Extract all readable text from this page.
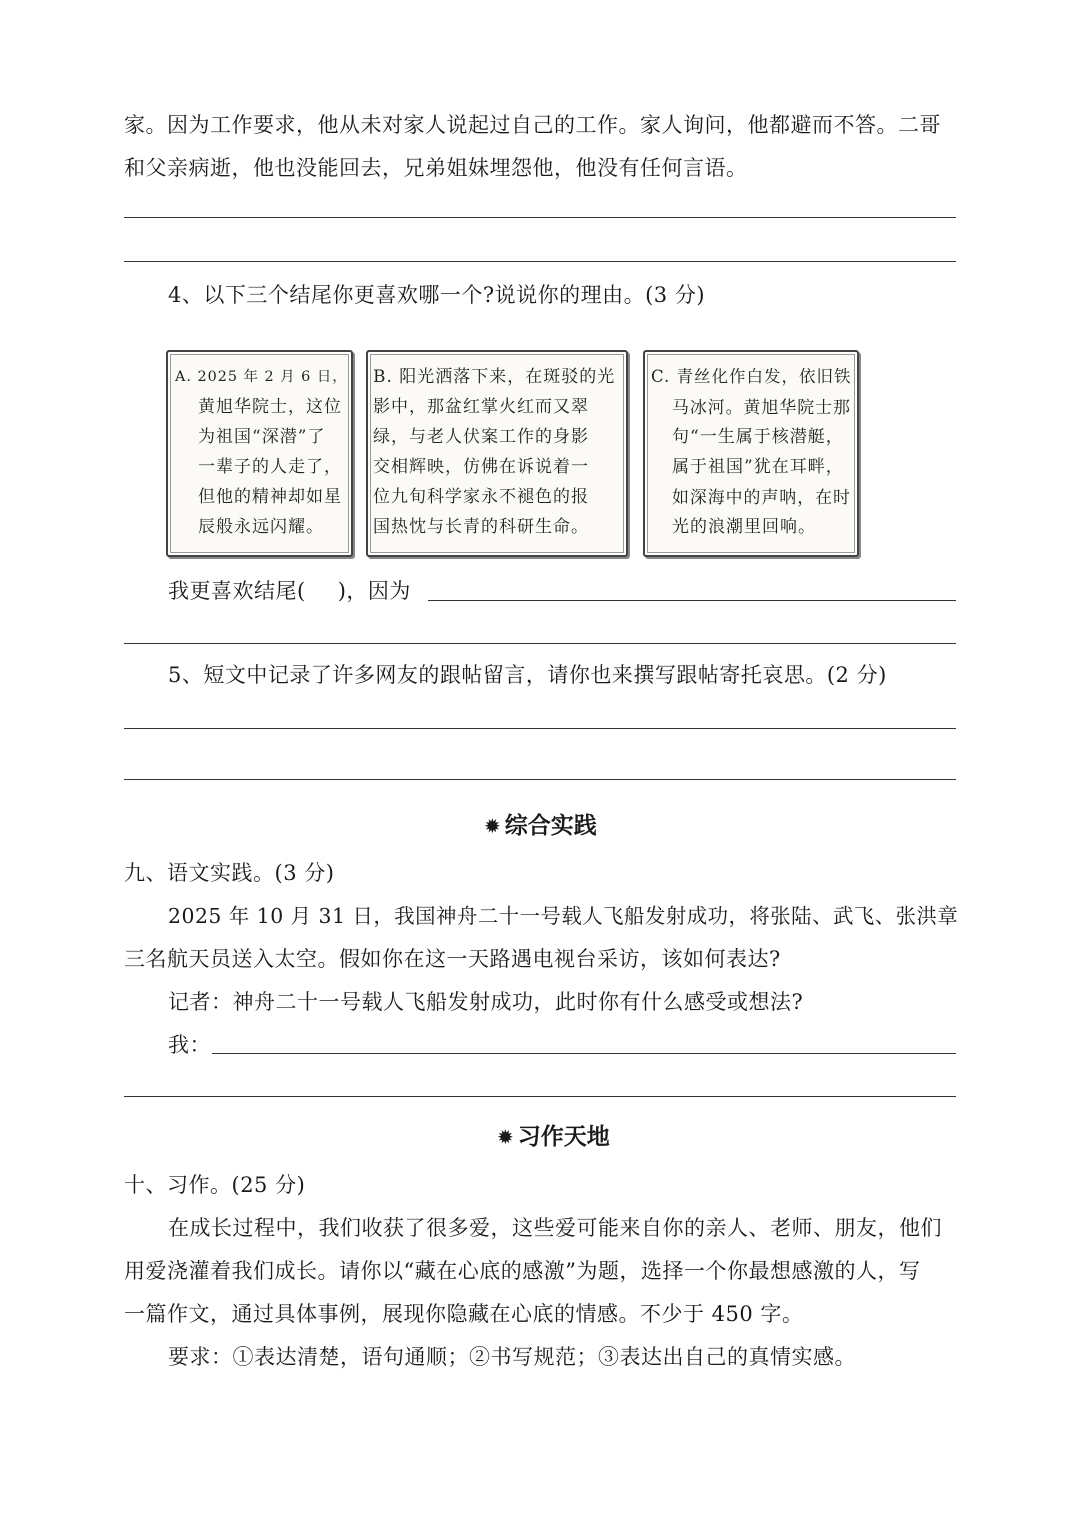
家。因为工作要求，他从未对家人说起过自己的工作。家人询问，他都避而不答。二哥
和父亲病逝，他也没能回去，兄弟姐妹埋怨他，他没有任何言语。
4、以下三个结尾你更喜欢哪一个?说说你的理由。(3 分)
A. 2025 年 2 月 6 日，
黄旭华院士，这位
为祖国“深潜”了
一辈子的人走了，
但他的精神却如星
辰般永远闪耀。
B. 阳光洒落下来，在斑驳的光
影中，那盆红掌火红而又翠
绿，与老人伏案工作的身影
交相辉映，仿佛在诉说着一
位九旬科学家永不褪色的报
国热忱与长青的科研生命。
C. 青丝化作白发，依旧铁
马冰河。黄旭华院士那
句“一生属于核潜艇，
属于祖国”犹在耳畔，
如深海中的声呐，在时
光的浪潮里回响。
我更喜欢结尾( )，因为
5、短文中记录了许多网友的跟帖留言，请你也来撰写跟帖寄托哀思。(2 分)
✹ 综合实践
九、语文实践。(3 分)
2025 年 10 月 31 日，我国神舟二十一号载人飞船发射成功，将张陆、武飞、张洪章
三名航天员送入太空。假如你在这一天路遇电视台采访，该如何表达?
记者：神舟二十一号载人飞船发射成功，此时你有什么感受或想法?
我：
✹ 习作天地
十、习作。(25 分)
在成长过程中，我们收获了很多爱，这些爱可能来自你的亲人、老师、朋友，他们
用爱浇灌着我们成长。请你以“藏在心底的感激”为题，选择一个你最想感激的人，写
一篇作文，通过具体事例，展现你隐藏在心底的情感。不少于 450 字。
要求：①表达清楚，语句通顺；②书写规范；③表达出自己的真情实感。
